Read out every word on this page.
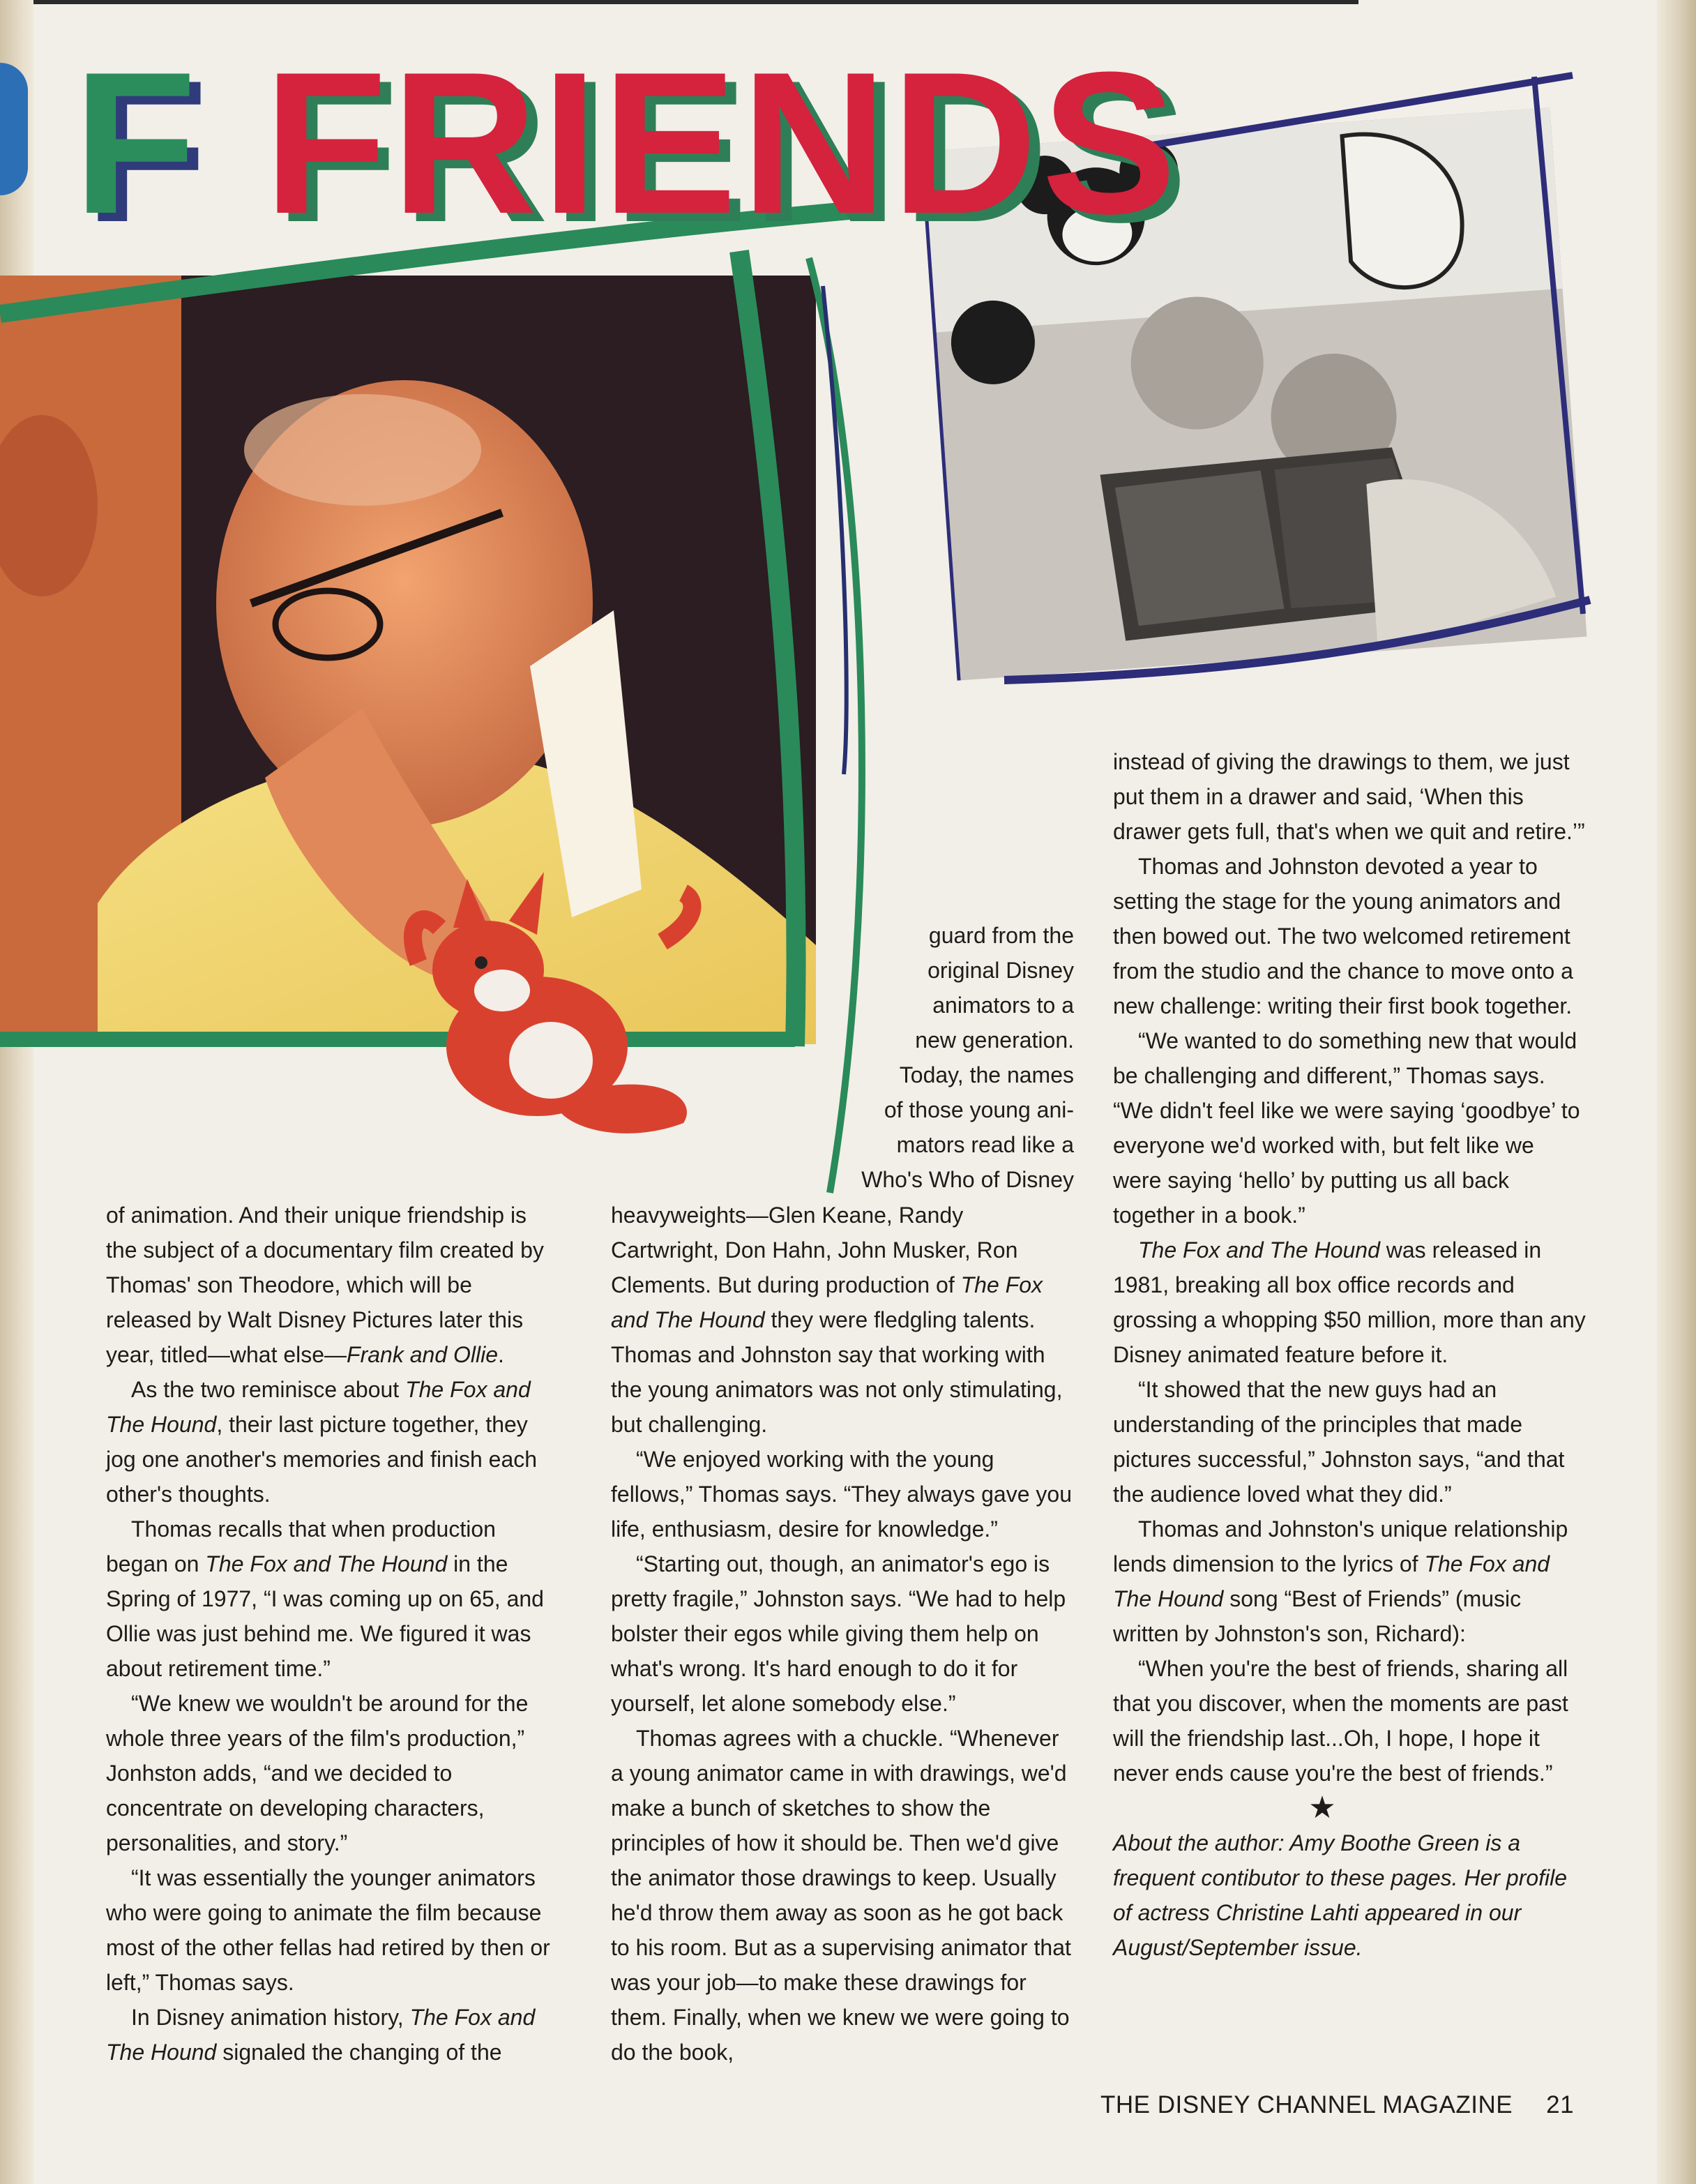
F FRIENDS

of animation. And their unique friendship is the subject of a documentary film created by Thomas' son Theodore, which will be released by Walt Disney Pictures later this year, titled—what else—Frank and Ollie.

As the two reminisce about The Fox and The Hound, their last picture together, they jog one another's memories and finish each other's thoughts.

Thomas recalls that when production began on The Fox and The Hound in the Spring of 1977, “I was coming up on 65, and Ollie was just behind me. We figured it was about retirement time.”

“We knew we wouldn't be around for the whole three years of the film's production,” Jonhston adds, “and we decided to concentrate on developing characters, personalities, and story.”

“It was essentially the younger animators who were going to animate the film because most of the other fellas had retired by then or left,” Thomas says.

In Disney animation history, The Fox and The Hound signaled the changing of the

guard from the
original Disney
animators to a
new generation.
Today, the names
of those young ani-
mators read like a
Who's Who of Disney

heavyweights—Glen Keane, Randy Cartwright, Don Hahn, John Musker, Ron Clements. But during production of The Fox and The Hound they were fledgling talents. Thomas and Johnston say that working with the young animators was not only stimulating, but challenging.

“We enjoyed working with the young fellows,” Thomas says. “They always gave you life, enthusiasm, desire for knowledge.”

“Starting out, though, an animator's ego is pretty fragile,” Johnston says. “We had to help bolster their egos while giving them help on what's wrong. It's hard enough to do it for yourself, let alone somebody else.”

Thomas agrees with a chuckle. “Whenever a young animator came in with drawings, we'd make a bunch of sketches to show the principles of how it should be. Then we'd give the animator those drawings to keep. Usually he'd throw them away as soon as he got back to his room. But as a supervising animator that was your job—to make these drawings for them. Finally, when we knew we were going to do the book,

instead of giving the drawings to them, we just put them in a drawer and said, ‘When this drawer gets full, that's when we quit and retire.’”

Thomas and Johnston devoted a year to setting the stage for the young animators and then bowed out. The two welcomed retirement from the studio and the chance to move onto a new challenge: writing their first book together.

“We wanted to do something new that would be challenging and different,” Thomas says. “We didn't feel like we were saying ‘goodbye’ to everyone we'd worked with, but felt like we were saying ‘hello’ by putting us all back together in a book.”

The Fox and The Hound was released in 1981, breaking all box office records and grossing a whopping $50 million, more than any Disney animated feature before it.

“It showed that the new guys had an understanding of the principles that made pictures successful,” Johnston says, “and that the audience loved what they did.”

Thomas and Johnston's unique relationship lends dimension to the lyrics of The Fox and The Hound song “Best of Friends” (music written by Johnston's son, Richard):

“When you're the best of friends, sharing all that you discover, when the moments are past will the friendship last...Oh, I hope, I hope it never ends cause you're the best of friends.”

★

About the author: Amy Boothe Green is a frequent contibutor to these pages. Her profile of actress Christine Lahti appeared in our August/September issue.

THE DISNEY CHANNEL MAGAZINE 21
